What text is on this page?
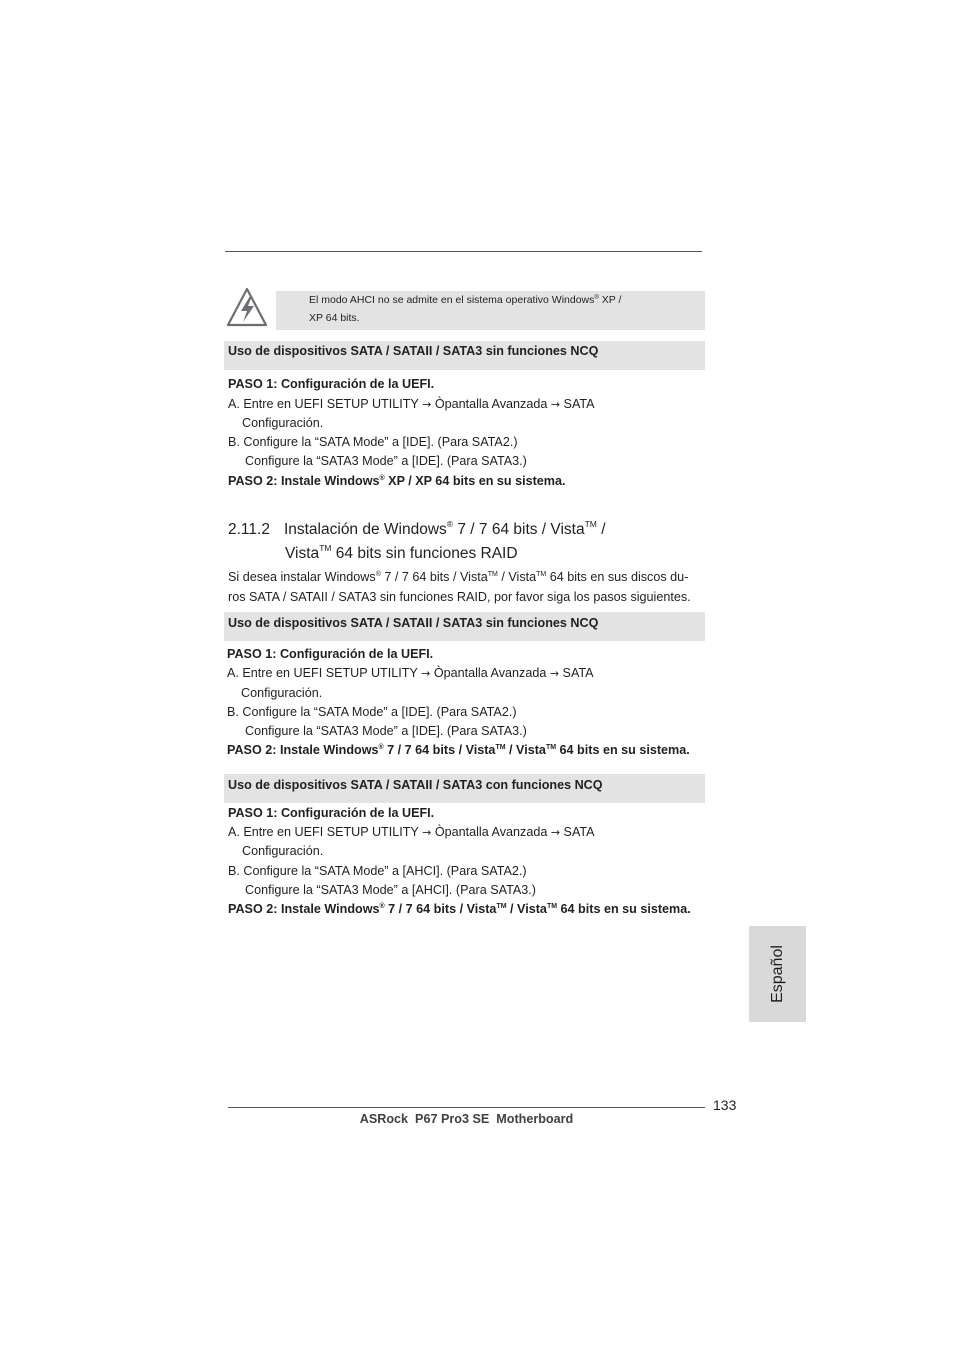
El modo AHCI no se admite en el sistema operativo Windows® XP /
XP 64 bits.
Uso de dispositivos SATA / SATAII / SATA3 sin funciones NCQ
PASO 1: Configuración de la UEFI.
A. Entre en UEFI SETUP UTILITY → Òpantalla Avanzada → SATA
Configuración.
B. Configure la “SATA Mode” a [IDE]. (Para SATA2.)
Configure la “SATA3 Mode” a [IDE]. (Para SATA3.)
PASO 2: Instale Windows® XP / XP 64 bits en su sistema.
2.11.2 Instalación de Windows® 7 / 7 64 bits / Vista™ /
Vista™ 64 bits sin funciones RAID
Si desea instalar Windows® 7 / 7 64 bits / Vista™ / Vista™ 64 bits en sus discos du-
ros SATA / SATAII / SATA3 sin funciones RAID, por favor siga los pasos siguientes.
Uso de dispositivos SATA / SATAII / SATA3 sin funciones NCQ
PASO 1: Configuración de la UEFI.
A. Entre en UEFI SETUP UTILITY → Òpantalla Avanzada → SATA
Configuración.
B. Configure la “SATA Mode” a [IDE]. (Para SATA2.)
Configure la “SATA3 Mode” a [IDE]. (Para SATA3.)
PASO 2: Instale Windows® 7 / 7 64 bits / Vista™ / Vista™ 64 bits en su sistema.
Uso de dispositivos SATA / SATAII / SATA3 con funciones NCQ
PASO 1: Configuración de la UEFI.
A. Entre en UEFI SETUP UTILITY → Òpantalla Avanzada → SATA
Configuración.
B. Configure la “SATA Mode” a [AHCI]. (Para SATA2.)
Configure la “SATA3 Mode” a [AHCI]. (Para SATA3.)
PASO 2: Instale Windows® 7 / 7 64 bits / Vista™ / Vista™ 64 bits en su sistema.
Español
133
ASRock  P67 Pro3 SE  Motherboard
